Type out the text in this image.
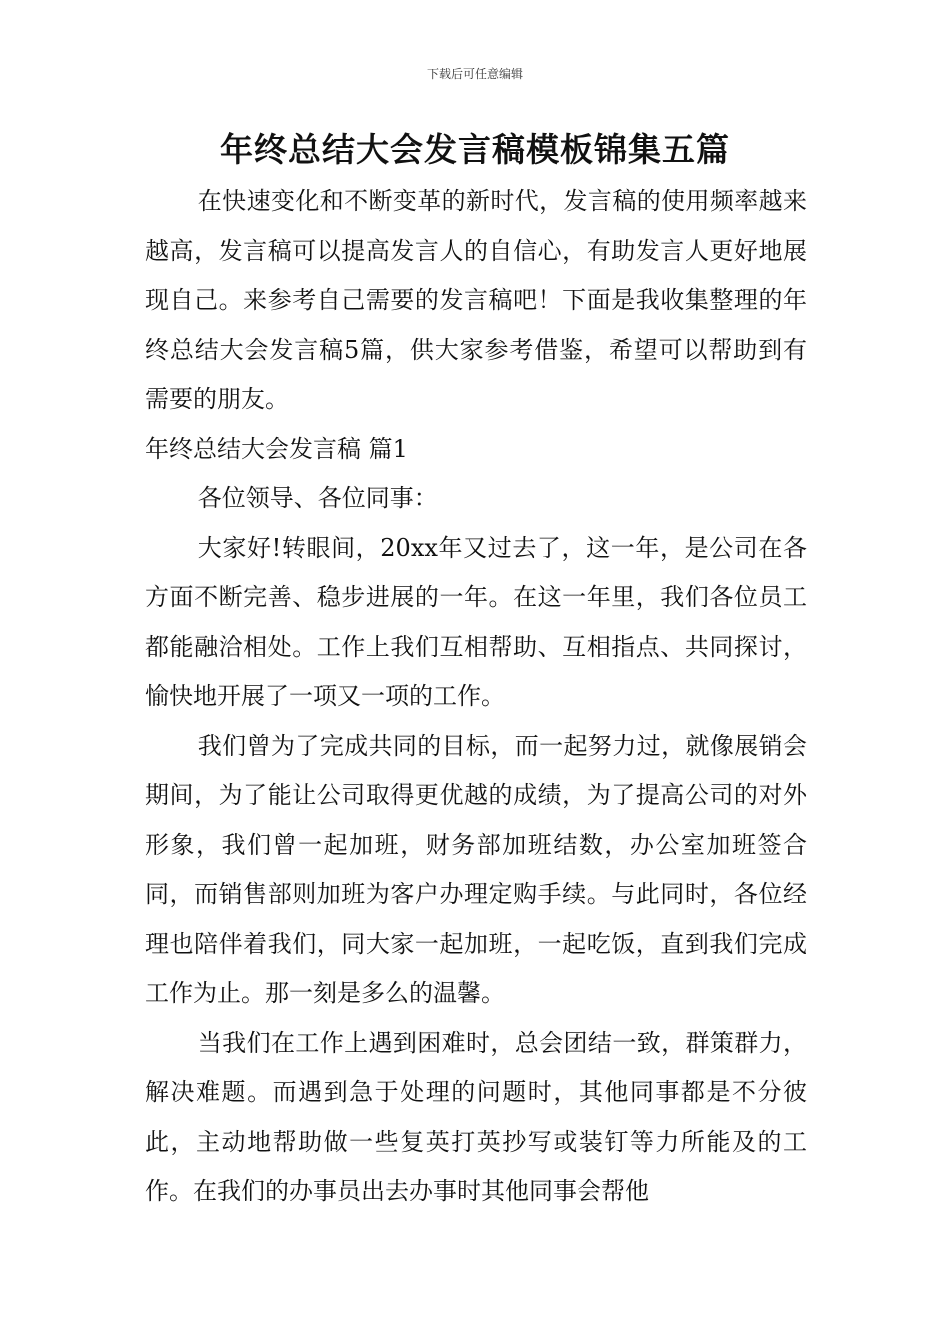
下载后可任意编辑
年终总结大会发言稿模板锦集五篇

在快速变化和不断变革的新时代，发言稿的使用频率越来越高，发言稿可以提高发言人的自信心，有助发言人更好地展现自己。来参考自己需要的发言稿吧！下面是我收集整理的年终总结大会发言稿5篇，供大家参考借鉴，希望可以帮助到有需要的朋友。

年终总结大会发言稿 篇1

各位领导、各位同事：

大家好!转眼间，20xx年又过去了，这一年，是公司在各方面不断完善、稳步进展的一年。在这一年里，我们各位员工都能融洽相处。工作上我们互相帮助、互相指点、共同探讨，愉快地开展了一项又一项的工作。

我们曾为了完成共同的目标，而一起努力过，就像展销会期间，为了能让公司取得更优越的成绩，为了提高公司的对外形象，我们曾一起加班，财务部加班结数，办公室加班签合同，而销售部则加班为客户办理定购手续。与此同时，各位经理也陪伴着我们，同大家一起加班，一起吃饭，直到我们完成工作为止。那一刻是多么的温馨。

当我们在工作上遇到困难时，总会团结一致，群策群力，解决难题。而遇到急于处理的问题时，其他同事都是不分彼此，主动地帮助做一些复英打英抄写或装钉等力所能及的工作。在我们的办事员出去办事时其他同事会帮他
